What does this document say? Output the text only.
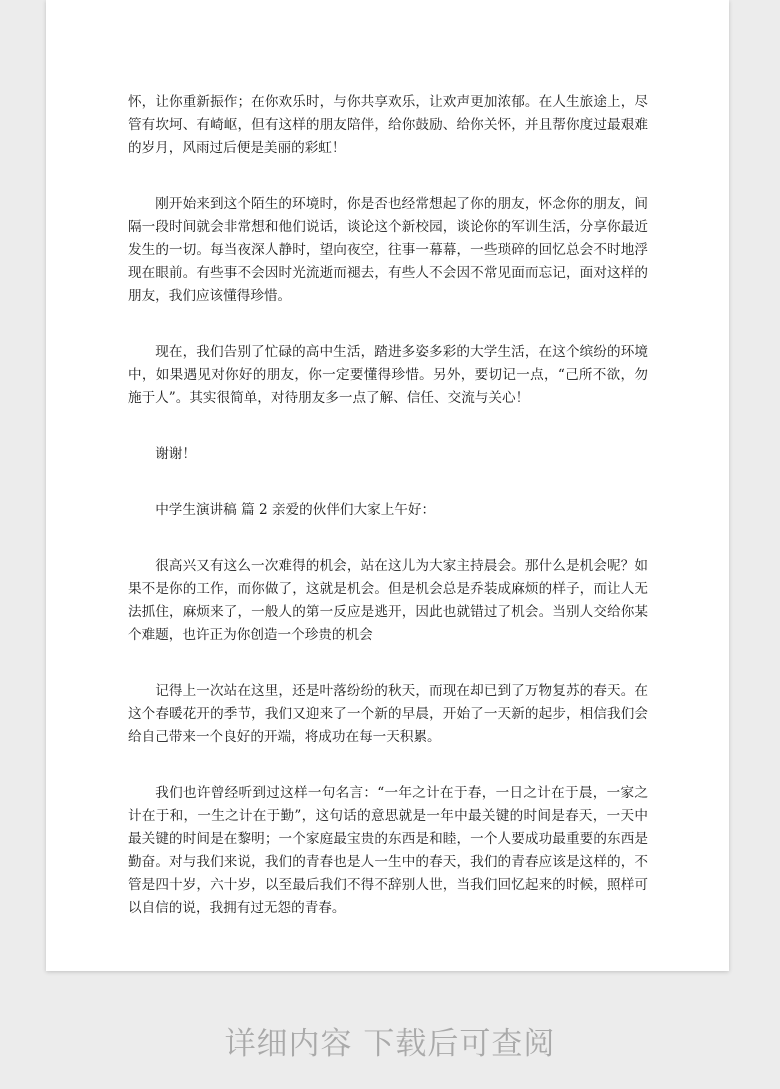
怀，让你重新振作；在你欢乐时，与你共享欢乐，让欢声更加浓郁。在人生旅途上，尽管有坎坷、有崎岖，但有这样的朋友陪伴，给你鼓励、给你关怀，并且帮你度过最艰难的岁月，风雨过后便是美丽的彩虹！

刚开始来到这个陌生的环境时，你是否也经常想起了你的朋友，怀念你的朋友，间隔一段时间就会非常想和他们说话，谈论这个新校园，谈论你的军训生活，分享你最近发生的一切。每当夜深人静时，望向夜空，往事一幕幕，一些琐碎的回忆总会不时地浮现在眼前。有些事不会因时光流逝而褪去，有些人不会因不常见面而忘记，面对这样的朋友，我们应该懂得珍惜。

现在，我们告别了忙碌的高中生活，踏进多姿多彩的大学生活，在这个缤纷的环境中，如果遇见对你好的朋友，你一定要懂得珍惜。另外，要切记一点，“己所不欲，勿施于人”。其实很简单，对待朋友多一点了解、信任、交流与关心！

谢谢！

中学生演讲稿 篇 2 亲爱的伙伴们大家上午好：

很高兴又有这么一次难得的机会，站在这儿为大家主持晨会。那什么是机会呢？如果不是你的工作，而你做了，这就是机会。但是机会总是乔装成麻烦的样子，而让人无法抓住，麻烦来了，一般人的第一反应是逃开，因此也就错过了机会。当别人交给你某个难题，也许正为你创造一个珍贵的机会

记得上一次站在这里，还是叶落纷纷的秋天，而现在却已到了万物复苏的春天。在这个春暖花开的季节，我们又迎来了一个新的早晨，开始了一天新的起步，相信我们会给自己带来一个良好的开端，将成功在每一天积累。

我们也许曾经听到过这样一句名言：“一年之计在于春，一日之计在于晨，一家之计在于和，一生之计在于勤”，这句话的意思就是一年中最关键的时间是春天，一天中最关键的时间是在黎明；一个家庭最宝贵的东西是和睦，一个人要成功最重要的东西是勤奋。对与我们来说，我们的青春也是人一生中的春天，我们的青春应该是这样的，不管是四十岁，六十岁，以至最后我们不得不辞别人世，当我们回忆起来的时候，照样可以自信的说，我拥有过无怨的青春。

详细内容 下载后可查阅
